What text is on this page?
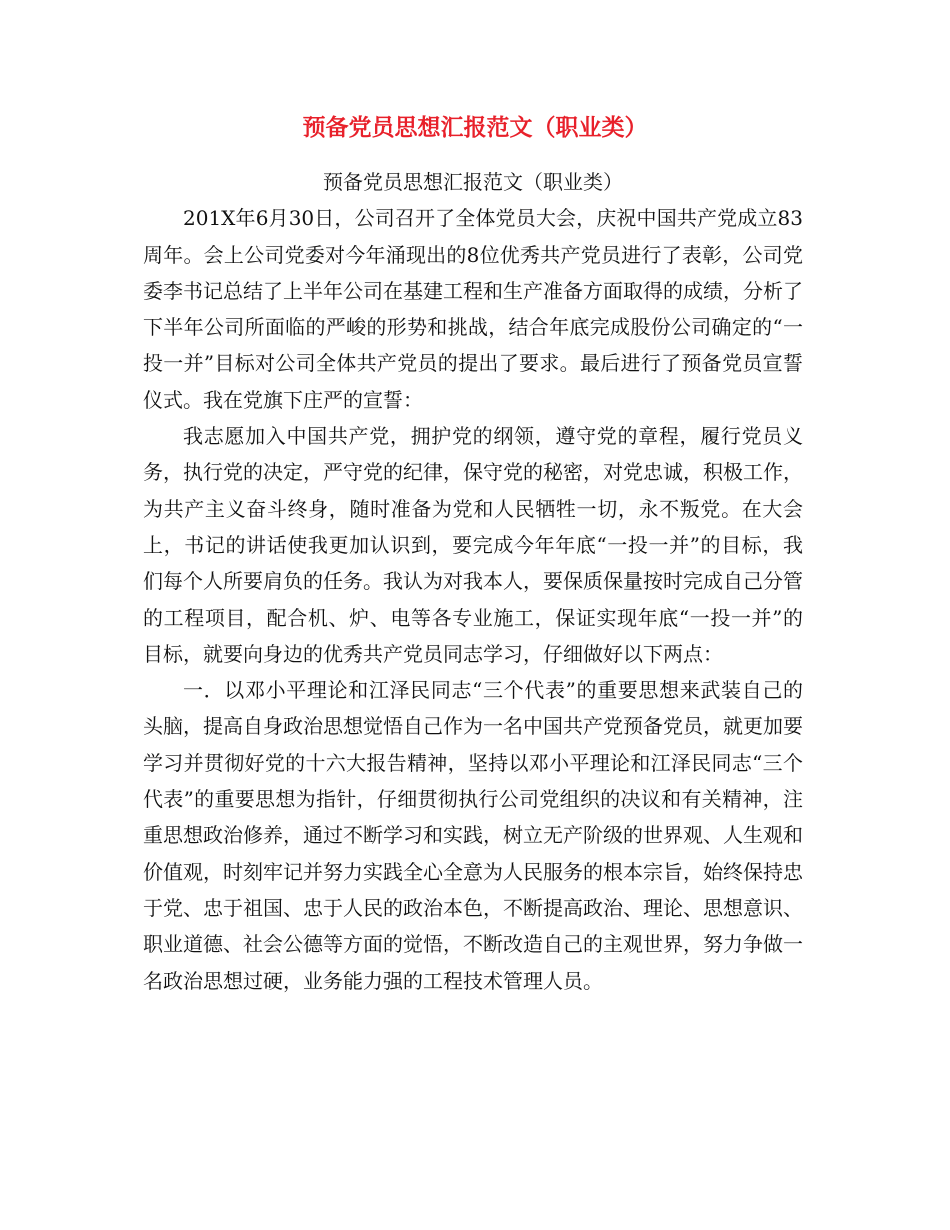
预备党员思想汇报范文（职业类）

预备党员思想汇报范文（职业类）

201X年6月30日，公司召开了全体党员大会，庆祝中国共产党成立83周年。会上公司党委对今年涌现出的8位优秀共产党员进行了表彰，公司党委李书记总结了上半年公司在基建工程和生产准备方面取得的成绩，分析了下半年公司所面临的严峻的形势和挑战，结合年底完成股份公司确定的“一投一并”目标对公司全体共产党员的提出了要求。最后进行了预备党员宣誓仪式。我在党旗下庄严的宣誓：

我志愿加入中国共产党，拥护党的纲领，遵守党的章程，履行党员义务，执行党的决定，严守党的纪律，保守党的秘密，对党忠诚，积极工作，为共产主义奋斗终身，随时准备为党和人民牺牲一切，永不叛党。在大会上，书记的讲话使我更加认识到，要完成今年年底“一投一并”的目标，我们每个人所要肩负的任务。我认为对我本人，要保质保量按时完成自己分管的工程项目，配合机、炉、电等各专业施工，保证实现年底“一投一并”的目标，就要向身边的优秀共产党员同志学习，仔细做好以下两点：

一．以邓小平理论和江泽民同志“三个代表”的重要思想来武装自己的头脑，提高自身政治思想觉悟自己作为一名中国共产党预备党员，就更加要学习并贯彻好党的十六大报告精神，坚持以邓小平理论和江泽民同志“三个代表”的重要思想为指针，仔细贯彻执行公司党组织的决议和有关精神，注重思想政治修养，通过不断学习和实践，树立无产阶级的世界观、人生观和价值观，时刻牢记并努力实践全心全意为人民服务的根本宗旨，始终保持忠于党、忠于祖国、忠于人民的政治本色，不断提高政治、理论、思想意识、职业道德、社会公德等方面的觉悟，不断改造自己的主观世界，努力争做一名政治思想过硬，业务能力强的工程技术管理人员。
